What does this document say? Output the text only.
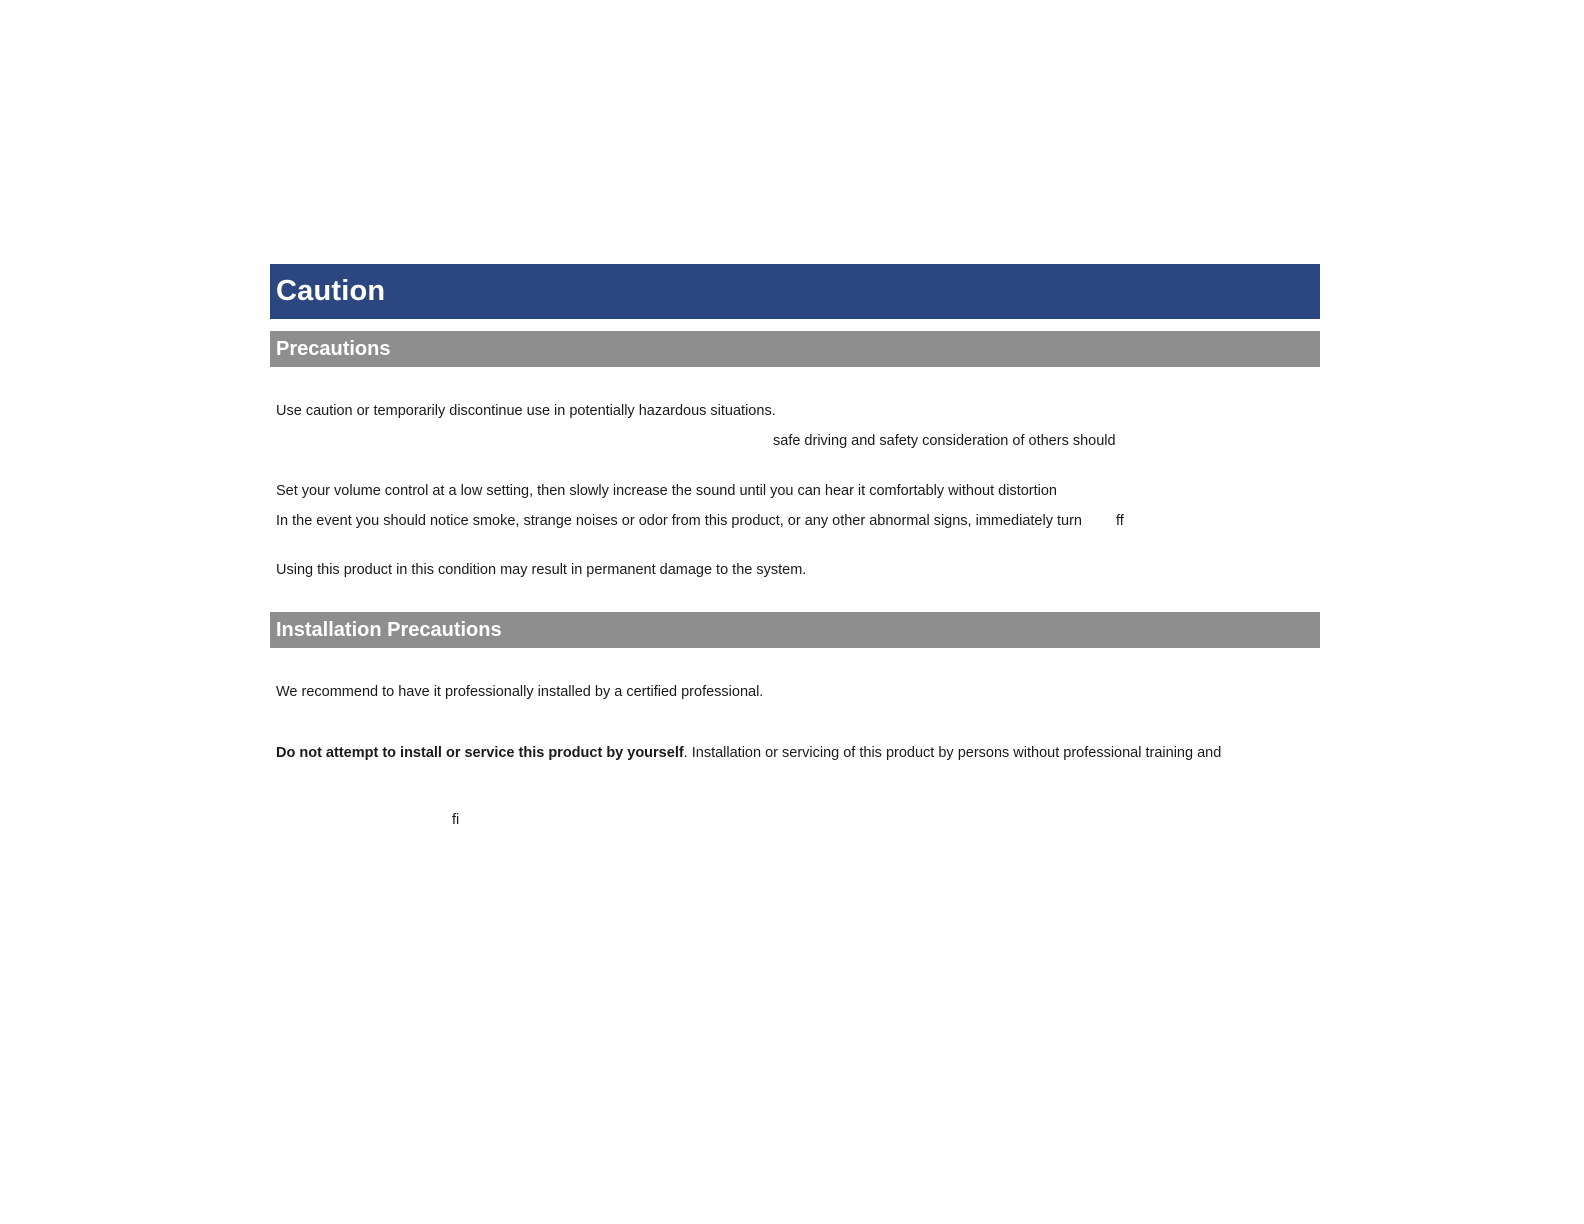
Caution
Precautions
Use caution or temporarily discontinue use in potentially hazardous situations.
safe driving and safety consideration of others should
Set your volume control at a low setting, then slowly increase the sound until you can hear it comfortably without distortion
In the event you should notice smoke, strange noises or odor from this product, or any other abnormal signs, immediately turn ff
Using this product in this condition may result in permanent damage to the system.
Installation Precautions
We recommend to have it professionally installed by a certified professional.
Do not attempt to install or service this product by yourself. Installation or servicing of this product by persons without professional training and
fi
